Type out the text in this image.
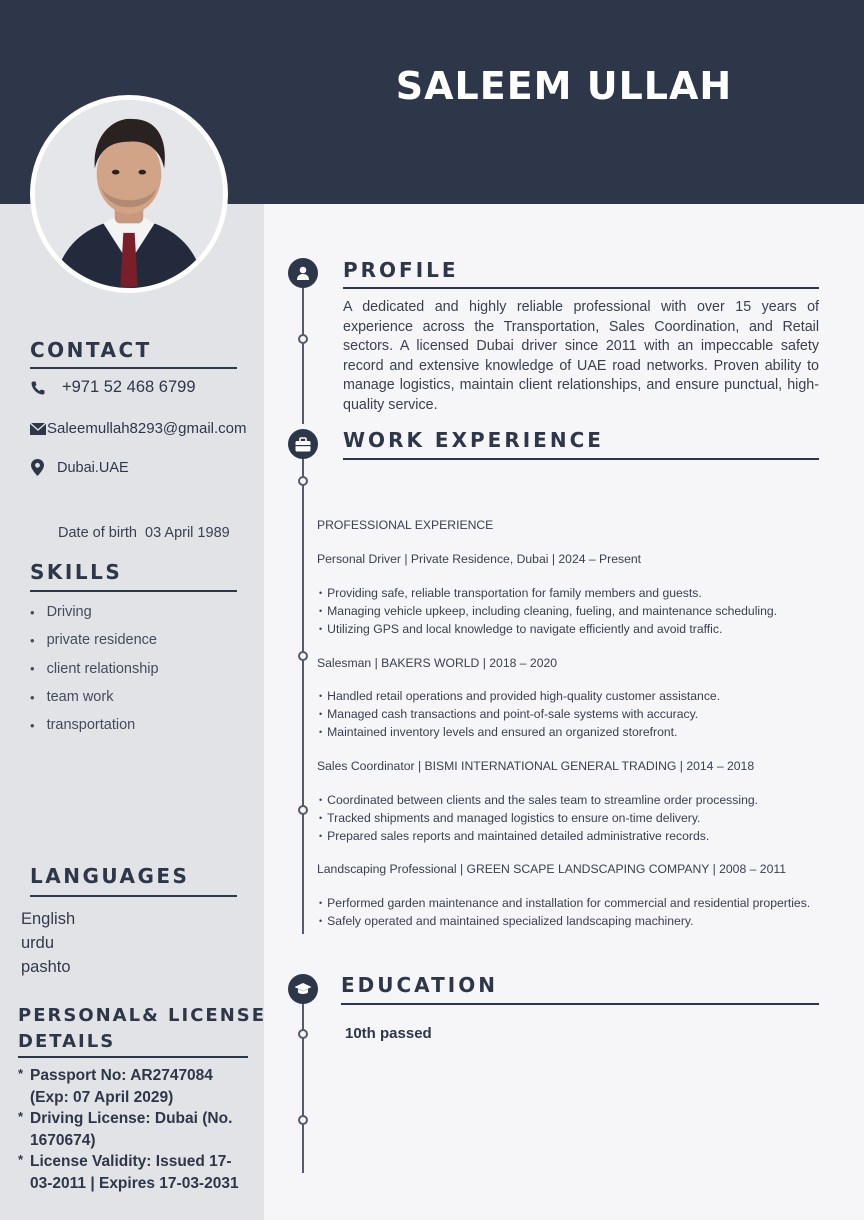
SALEEM ULLAH
CONTACT
+971 52 468 6799
Saleemullah8293@gmail.com
Dubai.UAE
Date of birth  03 April 1989
SKILLS
• Driving
• private residence
• client relationship
• team work
• transportation
LANGUAGES
English
urdu
pashto
PERSONAL& LICENSE
DETAILS
* Passport No: AR2747084
(Exp: 07 April 2029)
* Driving License: Dubai (No.
1670674)
* License Validity: Issued 17-
03-2011 | Expires 17-03-2031
PROFILE
A dedicated and highly reliable professional with over 15 years of experience across the Transportation, Sales Coordination, and Retail sectors. A licensed Dubai driver since 2011 with an impeccable safety record and extensive knowledge of UAE road networks. Proven ability to manage logistics, maintain client relationships, and ensure punctual, high-quality service.
WORK EXPERIENCE
PROFESSIONAL EXPERIENCE
Personal Driver | Private Residence, Dubai | 2024 – Present
• Providing safe, reliable transportation for family members and guests.
• Managing vehicle upkeep, including cleaning, fueling, and maintenance scheduling.
• Utilizing GPS and local knowledge to navigate efficiently and avoid traffic.
Salesman | BAKERS WORLD | 2018 – 2020
• Handled retail operations and provided high-quality customer assistance.
• Managed cash transactions and point-of-sale systems with accuracy.
• Maintained inventory levels and ensured an organized storefront.
Sales Coordinator | BISMI INTERNATIONAL GENERAL TRADING | 2014 – 2018
• Coordinated between clients and the sales team to streamline order processing.
• Tracked shipments and managed logistics to ensure on-time delivery.
• Prepared sales reports and maintained detailed administrative records.
Landscaping Professional | GREEN SCAPE LANDSCAPING COMPANY | 2008 – 2011
• Performed garden maintenance and installation for commercial and residential properties.
• Safely operated and maintained specialized landscaping machinery.
EDUCATION
10th passed
